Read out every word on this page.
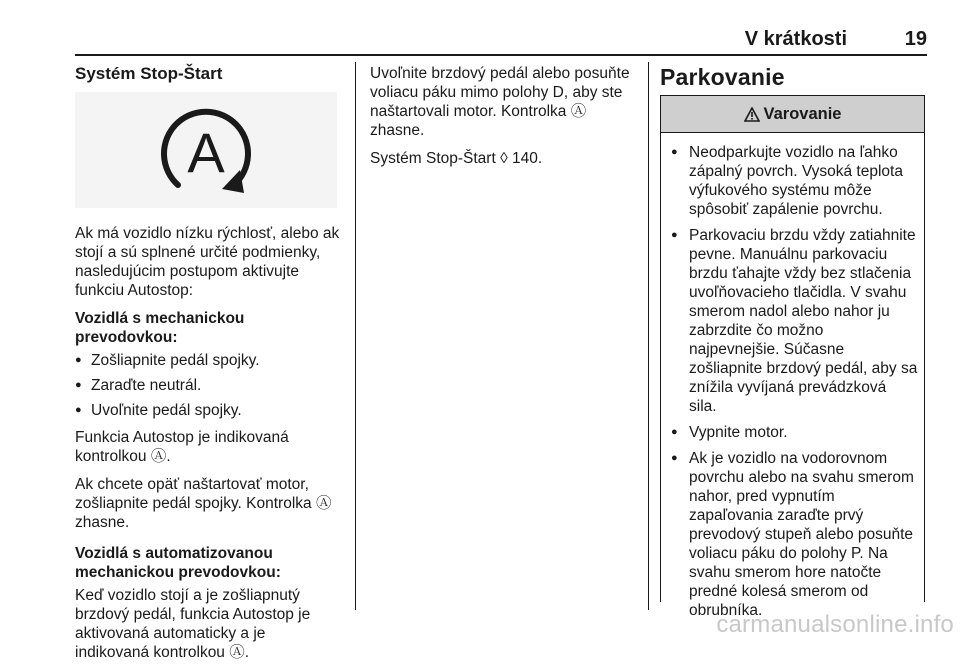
V krátkosti	19
Systém Stop-Štart
A

Ak má vozidlo nízku rýchlosť, alebo ak stojí a sú splnené určité podmienky, nasledujúcim postupom aktivujte funkciu Autostop:

Vozidlá s mechanickou prevodovkou:

● Zošliapnite pedál spojky.
● Zaraďte neutrál.
● Uvoľnite pedál spojky.

Funkcia Autostop je indikovaná kontrolkou Ⓐ.

Ak chcete opäť naštartovať motor, zošliapnite pedál spojky. Kontrolka Ⓐ zhasne.

Vozidlá s automatizovanou mechanickou prevodovkou:

Keď vozidlo stojí a je zošliapnutý brzdový pedál, funkcia Autostop je aktivovaná automaticky a je indikovaná kontrolkou Ⓐ.

Uvoľnite brzdový pedál alebo posuňte voliacu páku mimo polohy D, aby ste naštartovali motor. Kontrolka Ⓐ zhasne.

Systém Stop-Štart ◊ 140.

Parkovanie
Varovanie
● Neodparkujte vozidlo na ľahko zápalný povrch. Vysoká teplota výfukového systému môže spôsobiť zapálenie povrchu.
● Parkovaciu brzdu vždy zatiahnite pevne. Manuálnu parkovaciu brzdu ťahajte vždy bez stlačenia uvoľňovacieho tlačidla. V svahu smerom nadol alebo nahor ju zabrzdite čo možno najpevnejšie. Súčasne zošliapnite brzdový pedál, aby sa znížila vyvíjaná prevádzková sila.
● Vypnite motor.
● Ak je vozidlo na vodorovnom povrchu alebo na svahu smerom nahor, pred vypnutím zapaľovania zaraďte prvý prevodový stupeň alebo posuňte voliacu páku do polohy P. Na svahu smerom hore natočte predné kolesá smerom od obrubníka.
carmanualsonline.info
